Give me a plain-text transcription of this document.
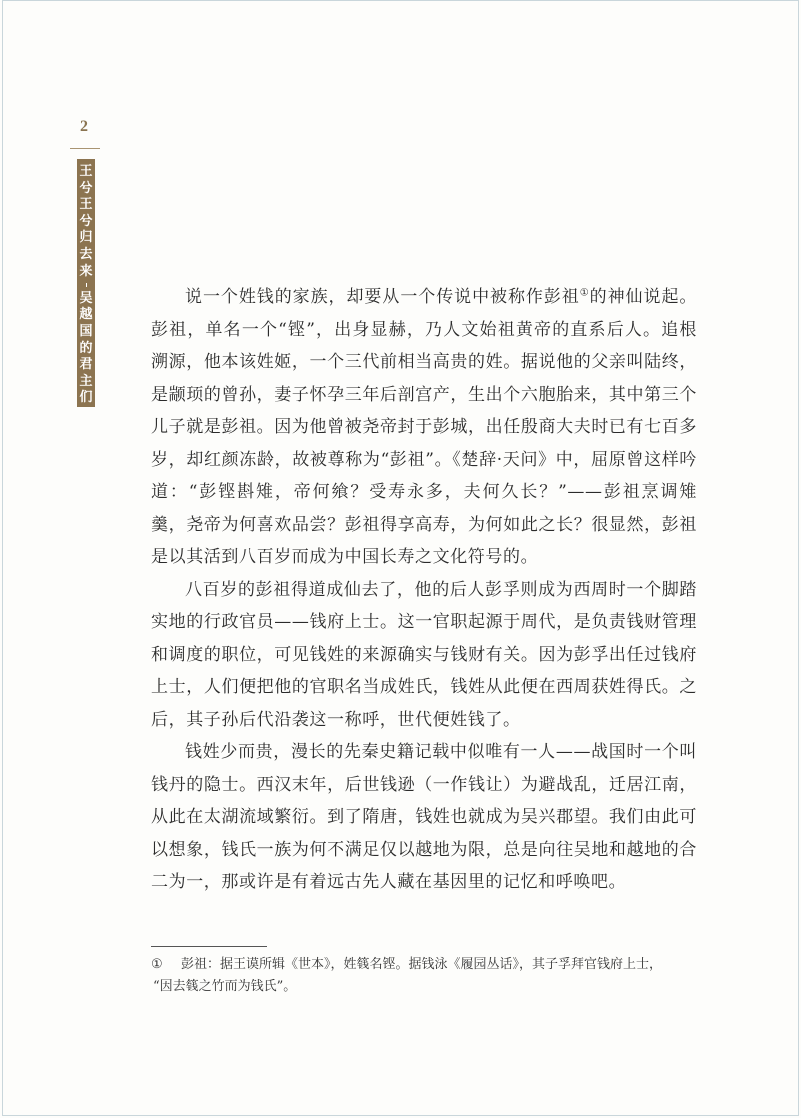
2
王兮王兮归去来
吴越国的君主们

说一个姓钱的家族，却要从一个传说中被称作彭祖①的神仙说起。彭祖，单名一个“铿”，出身显赫，乃人文始祖黄帝的直系后人。追根溯源，他本该姓姬，一个三代前相当高贵的姓。据说他的父亲叫陆终，是颛顼的曾孙，妻子怀孕三年后剖宫产，生出个六胞胎来，其中第三个儿子就是彭祖。因为他曾被尧帝封于彭城，出任殷商大夫时已有七百多岁，却红颜冻龄，故被尊称为“彭祖”。《楚辞·天问》中，屈原曾这样吟道：“彭铿斟雉，帝何飨？受寿永多，夫何久长？”——彭祖烹调雉羹，尧帝为何喜欢品尝？彭祖得享高寿，为何如此之长？很显然，彭祖是以其活到八百岁而成为中国长寿之文化符号的。

八百岁的彭祖得道成仙去了，他的后人彭孚则成为西周时一个脚踏实地的行政官员——钱府上士。这一官职起源于周代，是负责钱财管理和调度的职位，可见钱姓的来源确实与钱财有关。因为彭孚出任过钱府上士，人们便把他的官职名当成姓氏，钱姓从此便在西周获姓得氏。之后，其子孙后代沿袭这一称呼，世代便姓钱了。

钱姓少而贵，漫长的先秦史籍记载中似唯有一人——战国时一个叫钱丹的隐士。西汉末年，后世钱逊（一作钱让）为避战乱，迁居江南，从此在太湖流域繁衍。到了隋唐，钱姓也就成为吴兴郡望。我们由此可以想象，钱氏一族为何不满足仅以越地为限，总是向往吴地和越地的合二为一，那或许是有着远古先人藏在基因里的记忆和呼唤吧。

① 彭祖：据王谟所辑《世本》，姓篯名铿。据钱泳《履园丛话》，其子孚拜官钱府上士，
“因去篯之竹而为钱氏”。
